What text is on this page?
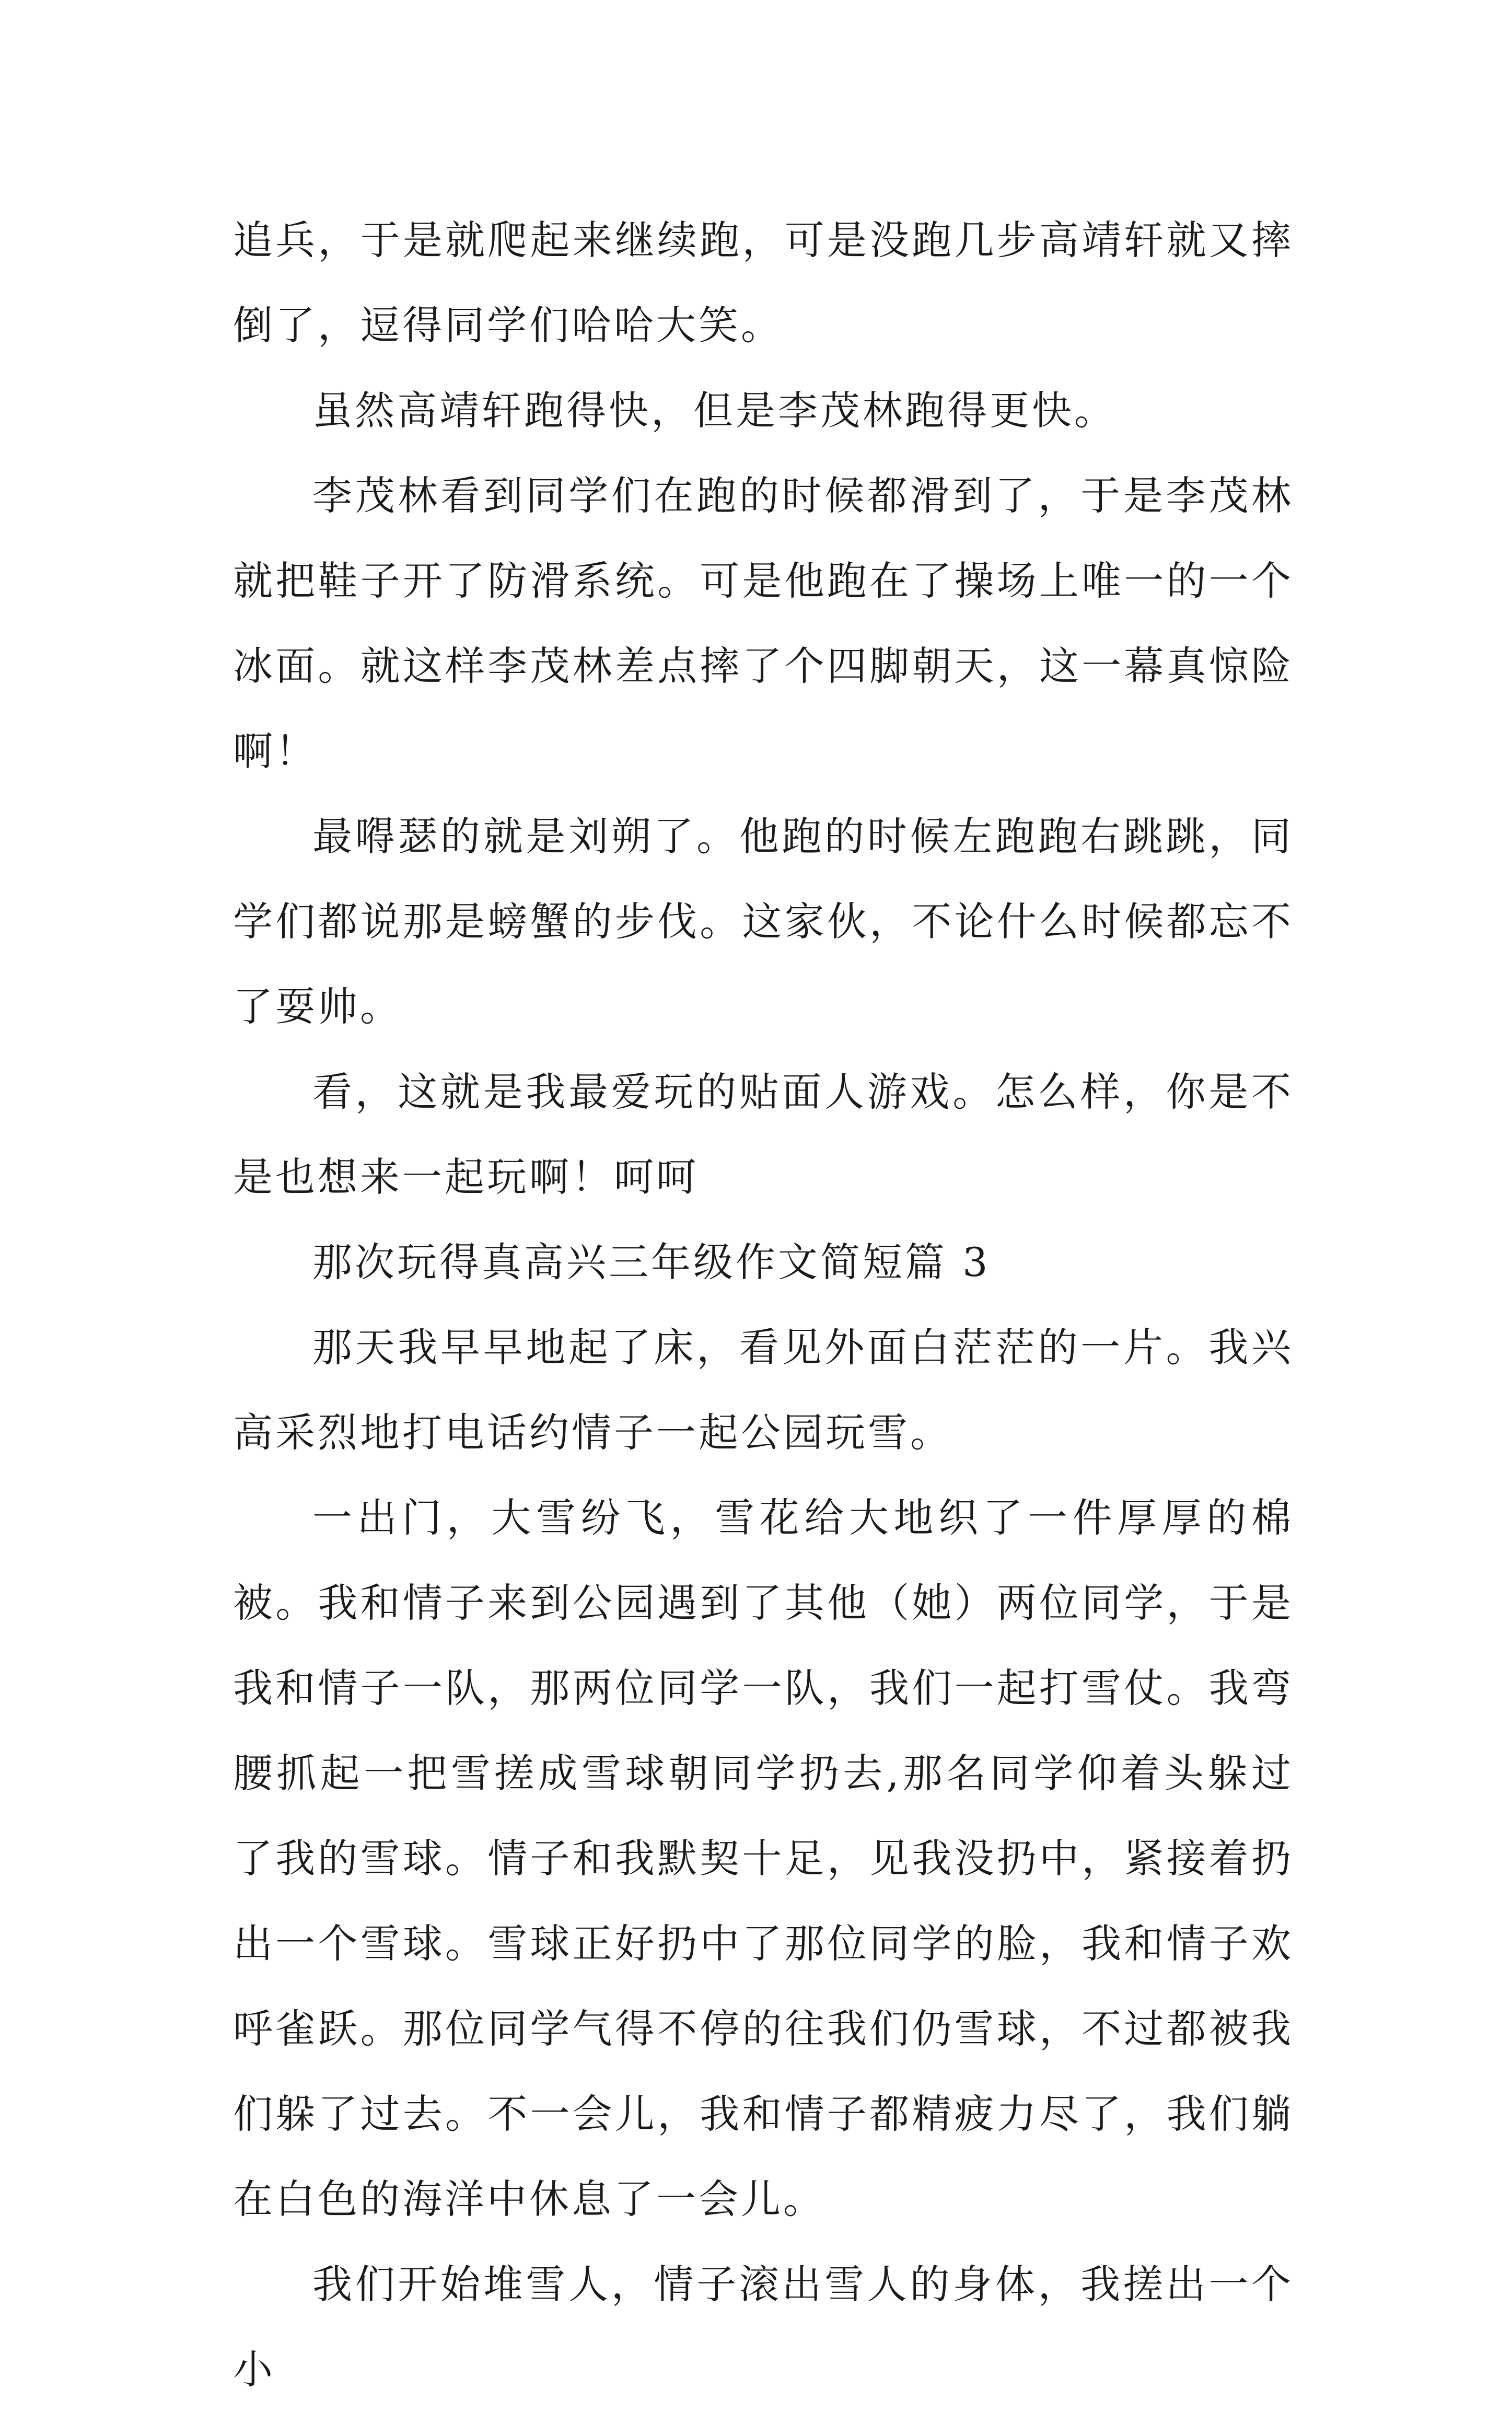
追兵，于是就爬起来继续跑，可是没跑几步高靖轩就又摔倒了，逗得同学们哈哈大笑。

虽然高靖轩跑得快，但是李茂林跑得更快。

李茂林看到同学们在跑的时候都滑到了，于是李茂林就把鞋子开了防滑系统。可是他跑在了操场上唯一的一个冰面。就这样李茂林差点摔了个四脚朝天，这一幕真惊险啊！

最嘚瑟的就是刘朔了。他跑的时候左跑跑右跳跳，同学们都说那是螃蟹的步伐。这家伙，不论什么时候都忘不了耍帅。

看，这就是我最爱玩的贴面人游戏。怎么样，你是不是也想来一起玩啊！呵呵

那次玩得真高兴三年级作文简短篇 3

那天我早早地起了床，看见外面白茫茫的一片。我兴高采烈地打电话约情子一起公园玩雪。

一出门，大雪纷飞，雪花给大地织了一件厚厚的棉被。我和情子来到公园遇到了其他（她）两位同学，于是我和情子一队，那两位同学一队，我们一起打雪仗。我弯腰抓起一把雪搓成雪球朝同学扔去,那名同学仰着头躲过了我的雪球。情子和我默契十足，见我没扔中，紧接着扔出一个雪球。雪球正好扔中了那位同学的脸，我和情子欢呼雀跃。那位同学气得不停的往我们仍雪球，不过都被我们躲了过去。不一会儿，我和情子都精疲力尽了，我们躺在白色的海洋中休息了一会儿。

我们开始堆雪人，情子滚出雪人的身体，我搓出一个小
